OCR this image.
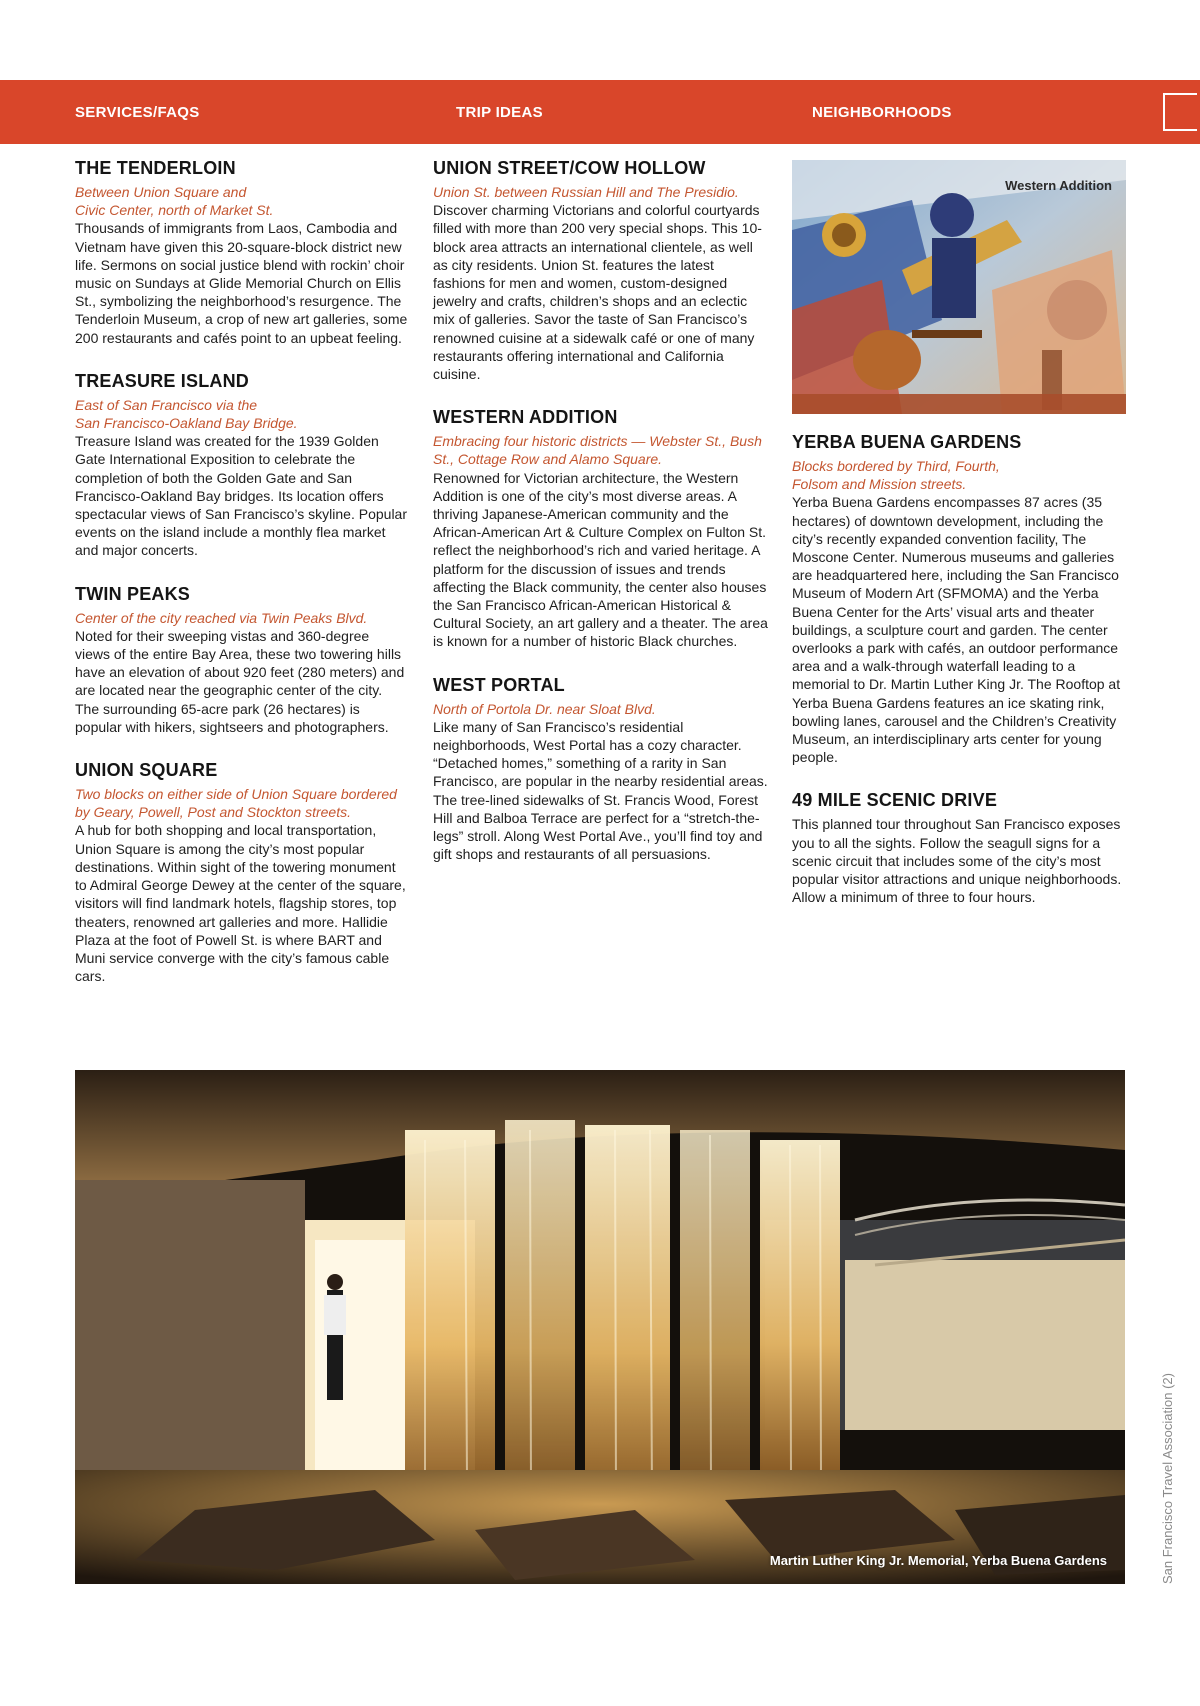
SERVICES/FAQS	TRIP IDEAS	NEIGHBORHOODS
THE TENDERLOIN

Between Union Square and
Civic Center, north of Market St.

Thousands of immigrants from Laos, Cambodia and Vietnam have given this 20-square-block district new life. Sermons on social justice blend with rockin’ choir music on Sundays at Glide Memorial Church on Ellis St., symbolizing the neighborhood’s resurgence. The Tenderloin Museum, a crop of new art galleries, some 200 restaurants and cafés point to an upbeat feeling.

TREASURE ISLAND

East of San Francisco via the
San Francisco-Oakland Bay Bridge.

Treasure Island was created for the 1939 Golden Gate International Exposition to celebrate the completion of both the Golden Gate and San Francisco-Oakland Bay bridges. Its location offers spectacular views of San Francisco’s skyline. Popular events on the island include a monthly flea market and major concerts.

TWIN PEAKS

Center of the city reached via Twin Peaks Blvd.

Noted for their sweeping vistas and 360-degree views of the entire Bay Area, these two towering hills have an elevation of about 920 feet (280 meters) and are located near the geographic center of the city. The surrounding 65-acre park (26 hectares) is popular with hikers, sightseers and photographers.

UNION SQUARE

Two blocks on either side of Union Square bordered by Geary, Powell, Post and Stockton streets.

A hub for both shopping and local transportation, Union Square is among the city’s most popular destinations. Within sight of the towering monument to Admiral George Dewey at the center of the square, visitors will find landmark hotels, flagship stores, top theaters, renowned art galleries and more. Hallidie Plaza at the foot of Powell St. is where BART and Muni service converge with the city’s famous cable cars.

UNION STREET/COW HOLLOW

Union St. between Russian Hill and The Presidio.

Discover charming Victorians and colorful courtyards filled with more than 200 very special shops. This 10-block area attracts an international clientele, as well as city residents. Union St. features the latest fashions for men and women, custom-designed jewelry and crafts, children’s shops and an eclectic mix of galleries. Savor the taste of San Francisco’s renowned cuisine at a sidewalk café or one of many restaurants offering international and California cuisine.

WESTERN ADDITION

Embracing four historic districts — Webster St., Bush St., Cottage Row and Alamo Square.

Renowned for Victorian architecture, the Western Addition is one of the city’s most diverse areas. A thriving Japanese-American community and the African-American Art & Culture Complex on Fulton St. reflect the neighborhood’s rich and varied heritage. A platform for the discussion of issues and trends affecting the Black community, the center also houses the San Francisco African-American Historical & Cultural Society, an art gallery and a theater. The area is known for a number of historic Black churches.

WEST PORTAL

North of Portola Dr. near Sloat Blvd.

Like many of San Francisco’s residential neighborhoods, West Portal has a cozy character. “Detached homes,” something of a rarity in San Francisco, are popular in the nearby residential areas. The tree-lined sidewalks of St. Francis Wood, Forest Hill and Balboa Terrace are perfect for a “stretch-the-legs” stroll. Along West Portal Ave., you’ll find toy and gift shops and restaurants of all persuasions.

Western Addition
YERBA BUENA GARDENS

Blocks bordered by Third, Fourth,
Folsom and Mission streets.

Yerba Buena Gardens encompasses 87 acres (35 hectares) of downtown development, including the city’s recently expanded convention facility, The Moscone Center. Numerous museums and galleries are headquartered here, including the San Francisco Museum of Modern Art (SFMOMA) and the Yerba Buena Center for the Arts’ visual arts and theater buildings, a sculpture court and garden. The center overlooks a park with cafés, an outdoor performance area and a walk-through waterfall leading to a memorial to Dr. Martin Luther King Jr. The Rooftop at Yerba Buena Gardens features an ice skating rink, bowling lanes, carousel and the Children’s Creativity Museum, an interdisciplinary arts center for young people.

49 MILE SCENIC DRIVE

This planned tour throughout San Francisco exposes you to all the sights. Follow the seagull signs for a scenic circuit that includes some of the city’s most popular visitor attractions and unique neighborhoods. Allow a minimum of three to four hours.

Martin Luther King Jr. Memorial, Yerba Buena Gardens	San Francisco Travel Association (2)
